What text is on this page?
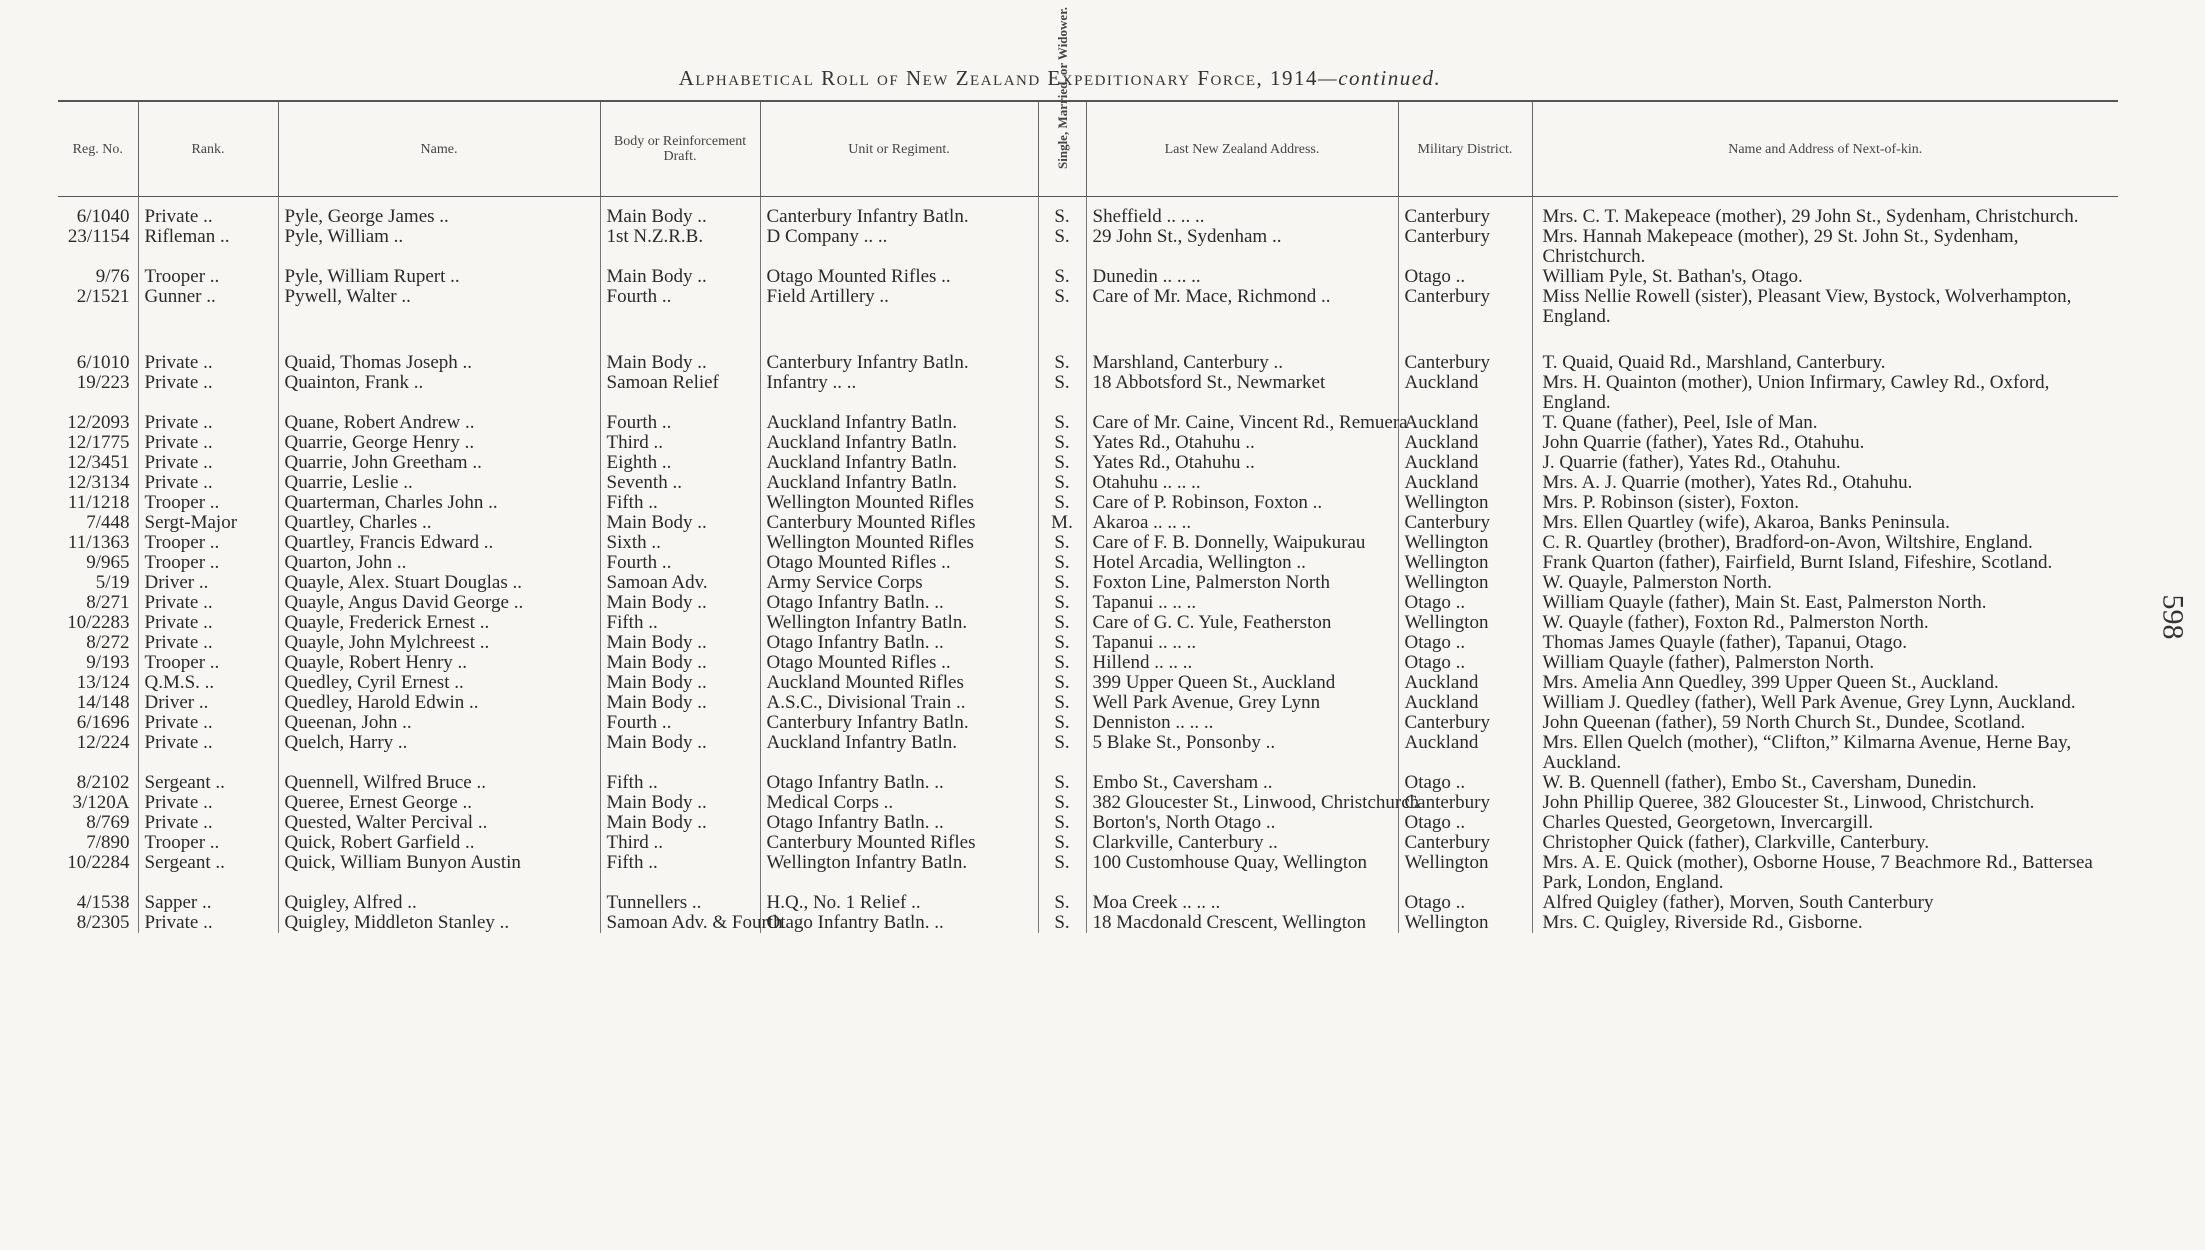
Alphabetical Roll of New Zealand Expeditionary Force, 1914—continued.
Reg. No.	Rank.	Name.	Body or Reinforcement Draft.	Unit or Regiment.	Single, Married, or Widower.	Last New Zealand Address.	Military District.	Name and Address of Next-of-kin.

6/1040	Private ..	Pyle, George James ..	Main Body ..	Canterbury Infantry Batln.	S.	Sheffield .. .. ..	Canterbury	Mrs. C. T. Makepeace (mother), 29 John St., Sydenham, Christchurch.
23/1154	Rifleman ..	Pyle, William ..	1st N.Z.R.B.	D Company .. ..	S.	29 John St., Sydenham ..	Canterbury	Mrs. Hannah Makepeace (mother), 29 St. John St., Sydenham, Christchurch.
9/76	Trooper ..	Pyle, William Rupert ..	Main Body ..	Otago Mounted Rifles ..	S.	Dunedin .. .. ..	Otago ..	William Pyle, St. Bathan's, Otago.
2/1521	Gunner ..	Pywell, Walter ..	Fourth ..	Field Artillery ..	S.	Care of Mr. Mace, Richmond ..	Canterbury	Miss Nellie Rowell (sister), Pleasant View, Bystock, Wolverhampton, England.

6/1010	Private ..	Quaid, Thomas Joseph ..	Main Body ..	Canterbury Infantry Batln.	S.	Marshland, Canterbury ..	Canterbury	T. Quaid, Quaid Rd., Marshland, Canterbury.
19/223	Private ..	Quainton, Frank ..	Samoan Relief	Infantry .. ..	S.	18 Abbotsford St., Newmarket	Auckland	Mrs. H. Quainton (mother), Union Infirmary, Cawley Rd., Oxford, England.
12/2093	Private ..	Quane, Robert Andrew ..	Fourth ..	Auckland Infantry Batln.	S.	Care of Mr. Caine, Vincent Rd., Remuera	Auckland	T. Quane (father), Peel, Isle of Man.
12/1775	Private ..	Quarrie, George Henry ..	Third ..	Auckland Infantry Batln.	S.	Yates Rd., Otahuhu ..	Auckland	John Quarrie (father), Yates Rd., Otahuhu.
12/3451	Private ..	Quarrie, John Greetham ..	Eighth ..	Auckland Infantry Batln.	S.	Yates Rd., Otahuhu ..	Auckland	J. Quarrie (father), Yates Rd., Otahuhu.
12/3134	Private ..	Quarrie, Leslie ..	Seventh ..	Auckland Infantry Batln.	S.	Otahuhu .. .. ..	Auckland	Mrs. A. J. Quarrie (mother), Yates Rd., Otahuhu.
11/1218	Trooper ..	Quarterman, Charles John ..	Fifth ..	Wellington Mounted Rifles	S.	Care of P. Robinson, Foxton ..	Wellington	Mrs. P. Robinson (sister), Foxton.
7/448	Sergt-Major	Quartley, Charles ..	Main Body ..	Canterbury Mounted Rifles	M.	Akaroa .. .. ..	Canterbury	Mrs. Ellen Quartley (wife), Akaroa, Banks Peninsula.
11/1363	Trooper ..	Quartley, Francis Edward ..	Sixth ..	Wellington Mounted Rifles	S.	Care of F. B. Donnelly, Waipukurau	Wellington	C. R. Quartley (brother), Bradford-on-Avon, Wiltshire, England.
9/965	Trooper ..	Quarton, John ..	Fourth ..	Otago Mounted Rifles ..	S.	Hotel Arcadia, Wellington ..	Wellington	Frank Quarton (father), Fairfield, Burnt Island, Fifeshire, Scotland.
5/19	Driver ..	Quayle, Alex. Stuart Douglas ..	Samoan Adv.	Army Service Corps	S.	Foxton Line, Palmerston North	Wellington	W. Quayle, Palmerston North.
8/271	Private ..	Quayle, Angus David George ..	Main Body ..	Otago Infantry Batln. ..	S.	Tapanui .. .. ..	Otago ..	William Quayle (father), Main St. East, Palmerston North.
10/2283	Private ..	Quayle, Frederick Ernest ..	Fifth ..	Wellington Infantry Batln.	S.	Care of G. C. Yule, Featherston	Wellington	W. Quayle (father), Foxton Rd., Palmerston North.
8/272	Private ..	Quayle, John Mylchreest ..	Main Body ..	Otago Infantry Batln. ..	S.	Tapanui .. .. ..	Otago ..	Thomas James Quayle (father), Tapanui, Otago.
9/193	Trooper ..	Quayle, Robert Henry ..	Main Body ..	Otago Mounted Rifles ..	S.	Hillend .. .. ..	Otago ..	William Quayle (father), Palmerston North.
13/124	Q.M.S. ..	Quedley, Cyril Ernest ..	Main Body ..	Auckland Mounted Rifles	S.	399 Upper Queen St., Auckland	Auckland	Mrs. Amelia Ann Quedley, 399 Upper Queen St., Auckland.
14/148	Driver ..	Quedley, Harold Edwin ..	Main Body ..	A.S.C., Divisional Train ..	S.	Well Park Avenue, Grey Lynn	Auckland	William J. Quedley (father), Well Park Avenue, Grey Lynn, Auckland.
6/1696	Private ..	Queenan, John ..	Fourth ..	Canterbury Infantry Batln.	S.	Denniston .. .. ..	Canterbury	John Queenan (father), 59 North Church St., Dundee, Scotland.
12/224	Private ..	Quelch, Harry ..	Main Body ..	Auckland Infantry Batln.	S.	5 Blake St., Ponsonby ..	Auckland	Mrs. Ellen Quelch (mother), “Clifton,” Kilmarna Avenue, Herne Bay, Auckland.
8/2102	Sergeant ..	Quennell, Wilfred Bruce ..	Fifth ..	Otago Infantry Batln. ..	S.	Embo St., Caversham ..	Otago ..	W. B. Quennell (father), Embo St., Caversham, Dunedin.
3/120A	Private ..	Queree, Ernest George ..	Main Body ..	Medical Corps ..	S.	382 Gloucester St., Linwood, Christchurch	Canterbury	John Phillip Queree, 382 Gloucester St., Linwood, Christchurch.
8/769	Private ..	Quested, Walter Percival ..	Main Body ..	Otago Infantry Batln. ..	S.	Borton's, North Otago ..	Otago ..	Charles Quested, Georgetown, Invercargill.
7/890	Trooper ..	Quick, Robert Garfield ..	Third ..	Canterbury Mounted Rifles	S.	Clarkville, Canterbury ..	Canterbury	Christopher Quick (father), Clarkville, Canterbury.
10/2284	Sergeant ..	Quick, William Bunyon Austin	Fifth ..	Wellington Infantry Batln.	S.	100 Customhouse Quay, Wellington	Wellington	Mrs. A. E. Quick (mother), Osborne House, 7 Beachmore Rd., Battersea Park, London, England.
4/1538	Sapper ..	Quigley, Alfred ..	Tunnellers ..	H.Q., No. 1 Relief ..	S.	Moa Creek .. .. ..	Otago ..	Alfred Quigley (father), Morven, South Canterbury
8/2305	Private ..	Quigley, Middleton Stanley ..	Samoan Adv. & Fourth	Otago Infantry Batln. ..	S.	18 Macdonald Crescent, Wellington	Wellington	Mrs. C. Quigley, Riverside Rd., Gisborne.
598
